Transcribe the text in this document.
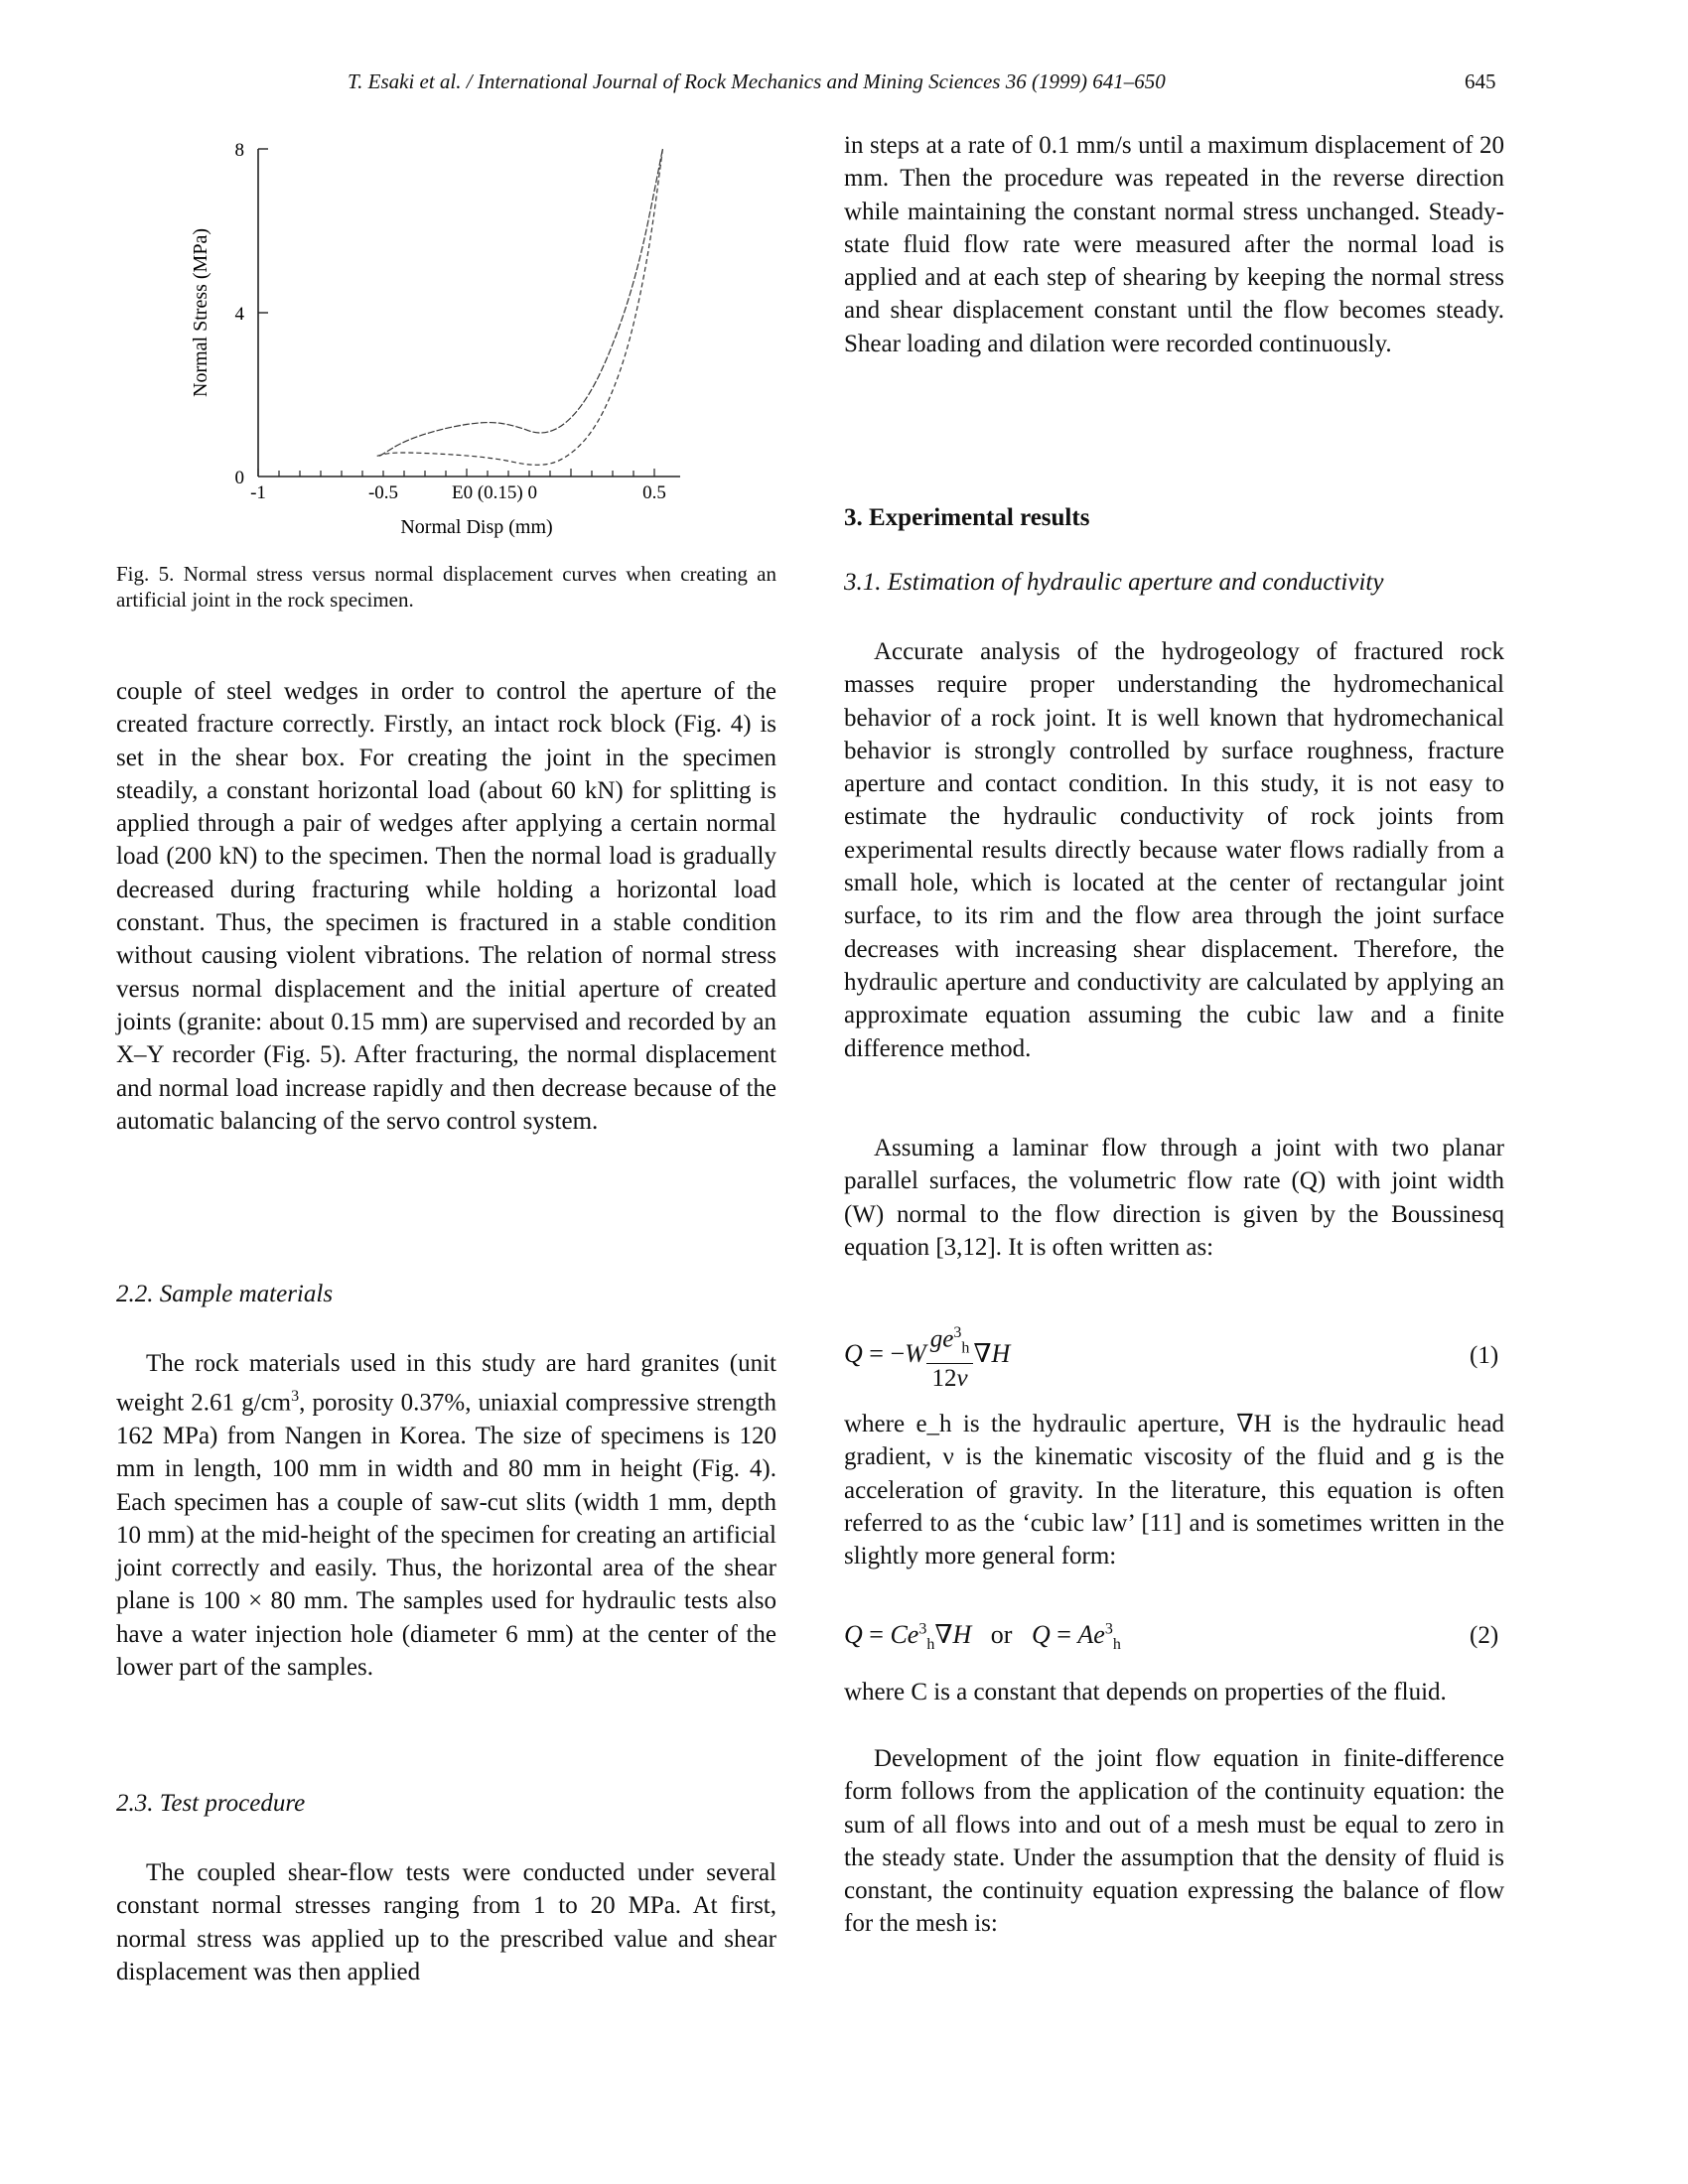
T. Esaki et al. / International Journal of Rock Mechanics and Mining Sciences 36 (1999) 641–650	645
8
4
0
-1	-0.5	E0 (0.15) 0	0.5
Normal Stress (MPa)
Normal Disp (mm)

Fig. 5. Normal stress versus normal displacement curves when creating an artificial joint in the rock specimen.

couple of steel wedges in order to control the aperture of the created fracture correctly. Firstly, an intact rock block (Fig. 4) is set in the shear box. For creating the joint in the specimen steadily, a constant horizontal load (about 60 kN) for splitting is applied through a pair of wedges after applying a certain normal load (200 kN) to the specimen. Then the normal load is gradually decreased during fracturing while holding a horizontal load constant. Thus, the specimen is fractured in a stable condition without causing violent vibrations. The relation of normal stress versus normal displacement and the initial aperture of created joints (granite: about 0.15 mm) are supervised and recorded by an X–Y recorder (Fig. 5). After fracturing, the normal displacement and normal load increase rapidly and then decrease because of the automatic balancing of the servo control system.

2.2. Sample materials

The rock materials used in this study are hard granites (unit weight 2.61 $g/cm^3$, porosity 0.37%, uniaxial compressive strength 162 MPa) from Nangen in Korea. The size of specimens is 120 mm in length, 100 mm in width and 80 mm in height (Fig. 4). Each specimen has a couple of saw-cut slits (width 1 mm, depth 10 mm) at the mid-height of the specimen for creating an artificial joint correctly and easily. Thus, the horizontal area of the shear plane is 100 × 80 mm. The samples used for hydraulic tests also have a water injection hole (diameter 6 mm) at the center of the lower part of the samples.

2.3. Test procedure

The coupled shear-flow tests were conducted under several constant normal stresses ranging from 1 to 20 MPa. At first, normal stress was applied up to the prescribed value and shear displacement was then applied

in steps at a rate of 0.1 mm/s until a maximum displacement of 20 mm. Then the procedure was repeated in the reverse direction while maintaining the constant normal stress unchanged. Steady-state fluid flow rate were measured after the normal load is applied and at each step of shearing by keeping the normal stress and shear displacement constant until the flow becomes steady. Shear loading and dilation were recorded continuously.

3. Experimental results

3.1. Estimation of hydraulic aperture and conductivity

Accurate analysis of the hydrogeology of fractured rock masses require proper understanding the hydromechanical behavior of a rock joint. It is well known that hydromechanical behavior is strongly controlled by surface roughness, fracture aperture and contact condition. In this study, it is not easy to estimate the hydraulic conductivity of rock joints from experimental results directly because water flows radially from a small hole, which is located at the center of rectangular joint surface, to its rim and the flow area through the joint surface decreases with increasing shear displacement. Therefore, the hydraulic aperture and conductivity are calculated by applying an approximate equation assuming the cubic law and a finite difference method.

Assuming a laminar flow through a joint with two planar parallel surfaces, the volumetric flow rate (Q) with joint width (W) normal to the flow direction is given by the Boussinesq equation [3,12]. It is often written as:

$Q = -W \frac{ge^3_h}{12\nu} \nabla H$	(1)

where e_h is the hydraulic aperture, ∇H is the hydraulic head gradient, ν is the kinematic viscosity of the fluid and g is the acceleration of gravity. In the literature, this equation is often referred to as the ‘cubic law’ [11] and is sometimes written in the slightly more general form:

$Q = Ce^3_h\nabla H$   or   $Q = Ae^3_h$	(2)

where C is a constant that depends on properties of the fluid.

Development of the joint flow equation in finite-difference form follows from the application of the continuity equation: the sum of all flows into and out of a mesh must be equal to zero in the steady state. Under the assumption that the density of fluid is constant, the continuity equation expressing the balance of flow for the mesh is:
